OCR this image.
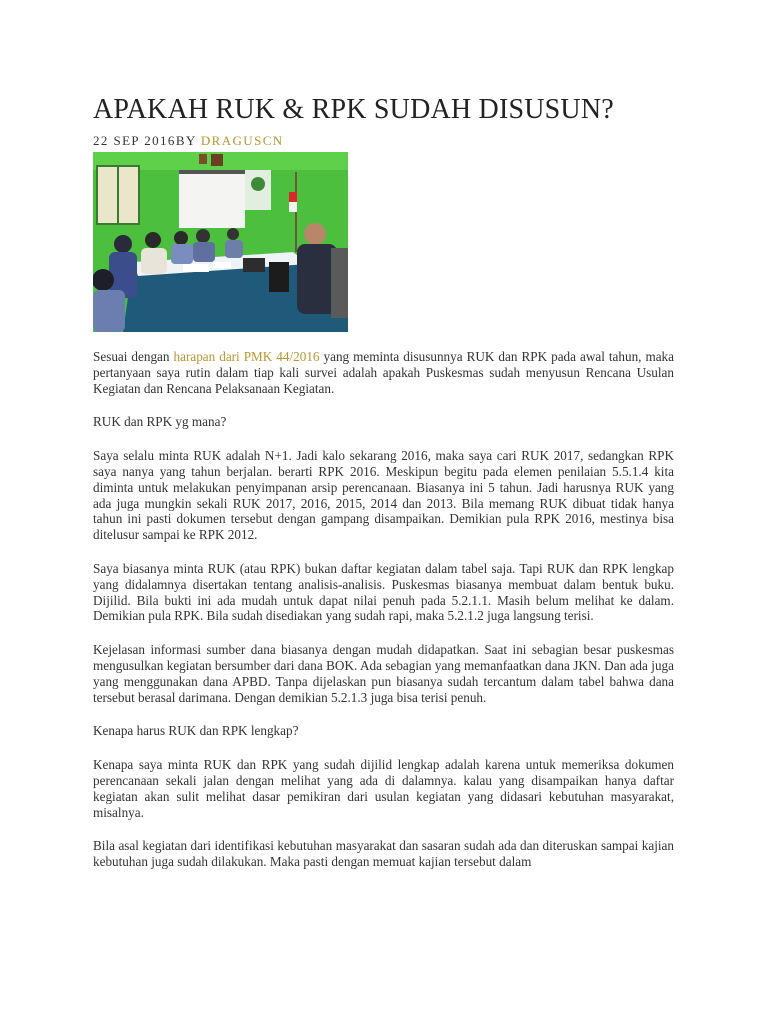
APAKAH RUK & RPK SUDAH DISUSUN?
22 SEP 2016BY DRAGUSCN

Sesuai dengan harapan dari PMK 44/2016 yang meminta disusunnya RUK dan RPK pada awal tahun, maka pertanyaan saya rutin dalam tiap kali survei adalah apakah Puskesmas sudah menyusun Rencana Usulan Kegiatan dan Rencana Pelaksanaan Kegiatan.

RUK dan RPK yg mana?

Saya selalu minta RUK adalah N+1. Jadi kalo sekarang 2016, maka saya cari RUK 2017, sedangkan RPK saya nanya yang tahun berjalan. berarti RPK 2016. Meskipun begitu pada elemen penilaian 5.5.1.4 kita diminta untuk melakukan penyimpanan arsip perencanaan. Biasanya ini 5 tahun. Jadi harusnya RUK yang ada juga mungkin sekali RUK 2017, 2016, 2015, 2014 dan 2013. Bila memang RUK dibuat tidak hanya tahun ini pasti dokumen tersebut dengan gampang disampaikan. Demikian pula RPK 2016, mestinya bisa ditelusur sampai ke RPK 2012.

Saya biasanya minta RUK (atau RPK) bukan daftar kegiatan dalam tabel saja. Tapi RUK dan RPK lengkap yang didalamnya disertakan tentang analisis-analisis. Puskesmas biasanya membuat dalam bentuk buku. Dijilid. Bila bukti ini ada mudah untuk dapat nilai penuh pada 5.2.1.1. Masih belum melihat ke dalam. Demikian pula RPK. Bila sudah disediakan yang sudah rapi, maka 5.2.1.2 juga langsung terisi.

Kejelasan informasi sumber dana biasanya dengan mudah didapatkan. Saat ini sebagian besar puskesmas mengusulkan kegiatan bersumber dari dana BOK. Ada sebagian yang memanfaatkan dana JKN. Dan ada juga yang menggunakan dana APBD. Tanpa dijelaskan pun biasanya sudah tercantum dalam tabel bahwa dana tersebut berasal darimana. Dengan demikian 5.2.1.3 juga bisa terisi penuh.

Kenapa harus RUK dan RPK lengkap?

Kenapa saya minta RUK dan RPK yang sudah dijilid lengkap adalah karena untuk memeriksa dokumen perencanaan sekali jalan dengan melihat yang ada di dalamnya. kalau yang disampaikan hanya daftar kegiatan akan sulit melihat dasar pemikiran dari usulan kegiatan yang didasari kebutuhan masyarakat, misalnya.

Bila asal kegiatan dari identifikasi kebutuhan masyarakat dan sasaran sudah ada dan diteruskan sampai kajian kebutuhan juga sudah dilakukan. Maka pasti dengan memuat kajian tersebut dalam
